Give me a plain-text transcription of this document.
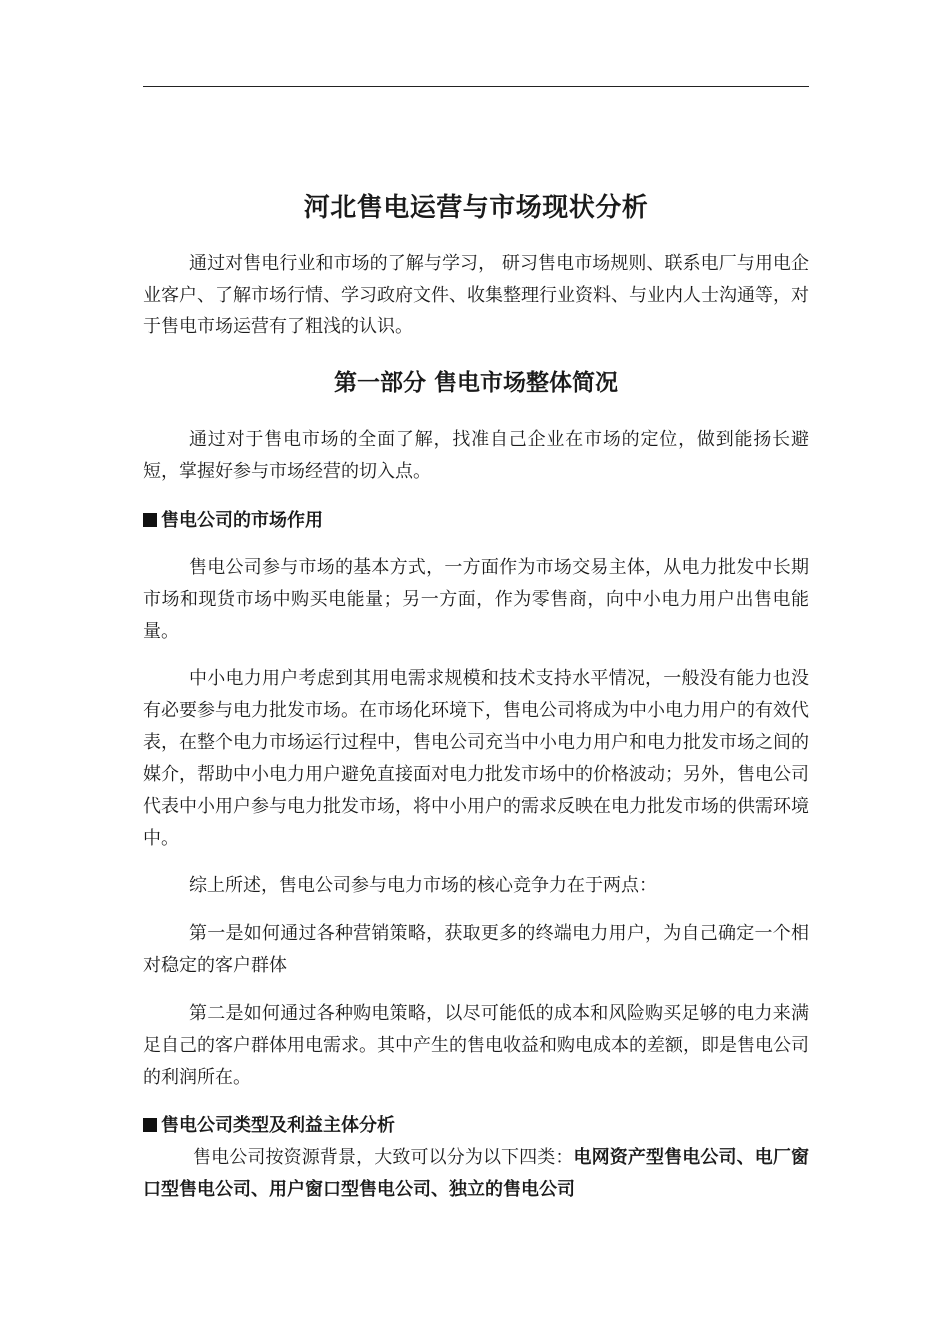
河北售电运营与市场现状分析

通过对售电行业和市场的了解与学习， 研习售电市场规则、联系电厂与用电企业客户、了解市场行情、学习政府文件、收集整理行业资料、与业内人士沟通等，对于售电市场运营有了粗浅的认识。

第一部分 售电市场整体简况

通过对于售电市场的全面了解，找准自己企业在市场的定位，做到能扬长避短，掌握好参与市场经营的切入点。

售电公司的市场作用

售电公司参与市场的基本方式，一方面作为市场交易主体，从电力批发中长期市场和现货市场中购买电能量；另一方面，作为零售商，向中小电力用户出售电能量。

中小电力用户考虑到其用电需求规模和技术支持水平情况，一般没有能力也没有必要参与电力批发市场。在市场化环境下，售电公司将成为中小电力用户的有效代表，在整个电力市场运行过程中，售电公司充当中小电力用户和电力批发市场之间的媒介，帮助中小电力用户避免直接面对电力批发市场中的价格波动；另外，售电公司代表中小用户参与电力批发市场，将中小用户的需求反映在电力批发市场的供需环境中。

综上所述，售电公司参与电力市场的核心竞争力在于两点：

第一是如何通过各种营销策略，获取更多的终端电力用户，为自己确定一个相对稳定的客户群体

第二是如何通过各种购电策略，以尽可能低的成本和风险购买足够的电力来满足自己的客户群体用电需求。其中产生的售电收益和购电成本的差额，即是售电公司的利润所在。

售电公司类型及利益主体分析

售电公司按资源背景，大致可以分为以下四类：电网资产型售电公司、电厂窗口型售电公司、用户窗口型售电公司、独立的售电公司
